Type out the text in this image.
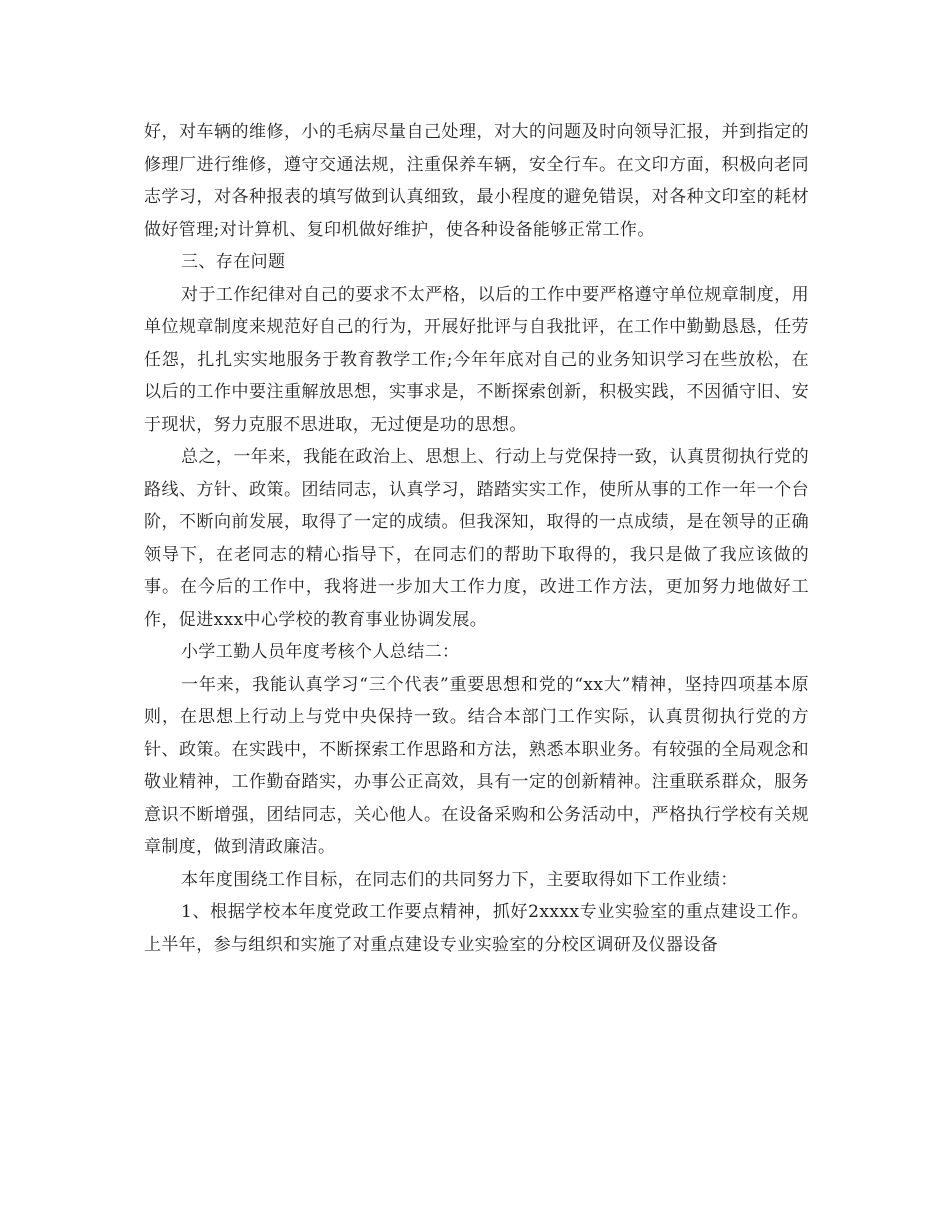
好，对车辆的维修，小的毛病尽量自己处理，对大的问题及时向领导汇报，并到指定的修理厂进行维修，遵守交通法规，注重保养车辆，安全行车。在文印方面，积极向老同志学习，对各种报表的填写做到认真细致，最小程度的避免错误，对各种文印室的耗材做好管理;对计算机、复印机做好维护，使各种设备能够正常工作。

三、存在问题

对于工作纪律对自己的要求不太严格，以后的工作中要严格遵守单位规章制度，用单位规章制度来规范好自己的行为，开展好批评与自我批评，在工作中勤勤恳恳，任劳任怨，扎扎实实地服务于教育教学工作;今年年底对自己的业务知识学习在些放松，在以后的工作中要注重解放思想，实事求是，不断探索创新，积极实践，不因循守旧、安于现状，努力克服不思进取，无过便是功的思想。

总之，一年来，我能在政治上、思想上、行动上与党保持一致，认真贯彻执行党的路线、方针、政策。团结同志，认真学习，踏踏实实工作，使所从事的工作一年一个台阶，不断向前发展，取得了一定的成绩。但我深知，取得的一点成绩，是在领导的正确领导下，在老同志的精心指导下，在同志们的帮助下取得的，我只是做了我应该做的事。在今后的工作中，我将进一步加大工作力度，改进工作方法，更加努力地做好工作，促进xxx中心学校的教育事业协调发展。

小学工勤人员年度考核个人总结二：

一年来，我能认真学习“三个代表”重要思想和党的“xx大”精神，坚持四项基本原则，在思想上行动上与党中央保持一致。结合本部门工作实际，认真贯彻执行党的方针、政策。在实践中，不断探索工作思路和方法，熟悉本职业务。有较强的全局观念和敬业精神，工作勤奋踏实，办事公正高效，具有一定的创新精神。注重联系群众，服务意识不断增强，团结同志，关心他人。在设备采购和公务活动中，严格执行学校有关规章制度，做到清政廉洁。

本年度围绕工作目标，在同志们的共同努力下，主要取得如下工作业绩：

1、根据学校本年度党政工作要点精神，抓好2xxxx专业实验室的重点建设工作。上半年，参与组织和实施了对重点建设专业实验室的分校区调研及仪器设备
